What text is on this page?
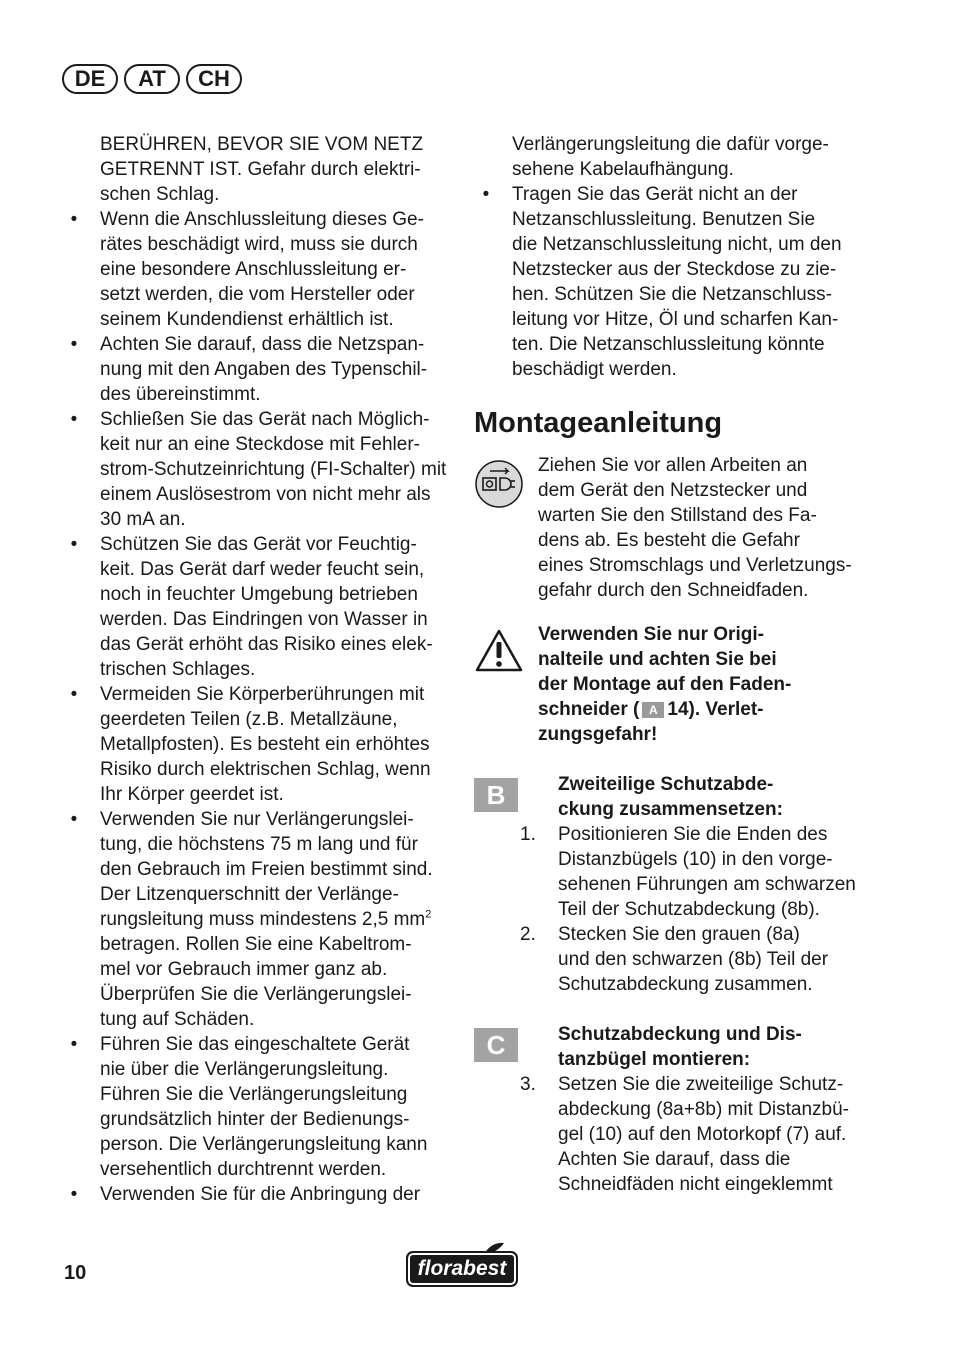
DE	AT	CH
BERÜHREN, BEVOR SIE VOM NETZ
GETRENNT IST. Gefahr durch elektri-
schen Schlag.
• Wenn die Anschlussleitung dieses Ge-
rätes beschädigt wird, muss sie durch
eine besondere Anschlussleitung er-
setzt werden, die vom Hersteller oder
seinem Kundendienst erhältlich ist.
• Achten Sie darauf, dass die Netzspan-
nung mit den Angaben des Typenschil-
des übereinstimmt.
• Schließen Sie das Gerät nach Möglich-
keit nur an eine Steckdose mit Fehler-
strom-Schutzeinrichtung (FI-Schalter) mit
einem Auslösestrom von nicht mehr als
30 mA an.
• Schützen Sie das Gerät vor Feuchtig-
keit. Das Gerät darf weder feucht sein,
noch in feuchter Umgebung betrieben
werden. Das Eindringen von Wasser in
das Gerät erhöht das Risiko eines elek-
trischen Schlages.
• Vermeiden Sie Körperberührungen mit
geerdeten Teilen (z.B. Metallzäune,
Metallpfosten). Es besteht ein erhöhtes
Risiko durch elektrischen Schlag, wenn
Ihr Körper geerdet ist.
• Verwenden Sie nur Verlängerungslei-
tung, die höchstens 75 m lang und für
den Gebrauch im Freien bestimmt sind.
Der Litzenquerschnitt der Verlänge-
rungsleitung muss mindestens 2,5 $mm^2$
betragen. Rollen Sie eine Kabeltrom-
mel vor Gebrauch immer ganz ab.
Überprüfen Sie die Verlängerungslei-
tung auf Schäden.
• Führen Sie das eingeschaltete Gerät
nie über die Verlängerungsleitung.
Führen Sie die Verlängerungsleitung
grundsätzlich hinter der Bedienungs-
person. Die Verlängerungsleitung kann
versehentlich durchtrennt werden.
• Verwenden Sie für die Anbringung der
Verlängerungsleitung die dafür vorge-
sehene Kabelaufhängung.
• Tragen Sie das Gerät nicht an der
Netzanschlussleitung. Benutzen Sie
die Netzanschlussleitung nicht, um den
Netzstecker aus der Steckdose zu zie-
hen. Schützen Sie die Netzanschluss-
leitung vor Hitze, Öl und scharfen Kan-
ten. Die Netzanschlussleitung könnte
beschädigt werden.
Montageanleitung
Ziehen Sie vor allen Arbeiten an
dem Gerät den Netzstecker und
warten Sie den Stillstand des Fa-
dens ab. Es besteht die Gefahr
eines Stromschlags und Verletzungs-
gefahr durch den Schneidfaden.
Verwenden Sie nur Origi-
nalteile und achten Sie bei
der Montage auf den Faden-
schneider ( A 14). Verlet-
zungsgefahr!
B	Zweiteilige Schutzabde-
ckung zusammensetzen:
1. Positionieren Sie die Enden des
Distanzbügels (10) in den vorge-
sehenen Führungen am schwarzen
Teil der Schutzabdeckung (8b).
2. Stecken Sie den grauen (8a)
und den schwarzen (8b) Teil der
Schutzabdeckung zusammen.
C	Schutzabdeckung und Dis-
tanzbügel montieren:
3. Setzen Sie die zweiteilige Schutz-
abdeckung (8a+8b) mit Distanzbü-
gel (10) auf den Motorkopf (7) auf.
Achten Sie darauf, dass die
Schneidfäden nicht eingeklemmt
10	florabest
